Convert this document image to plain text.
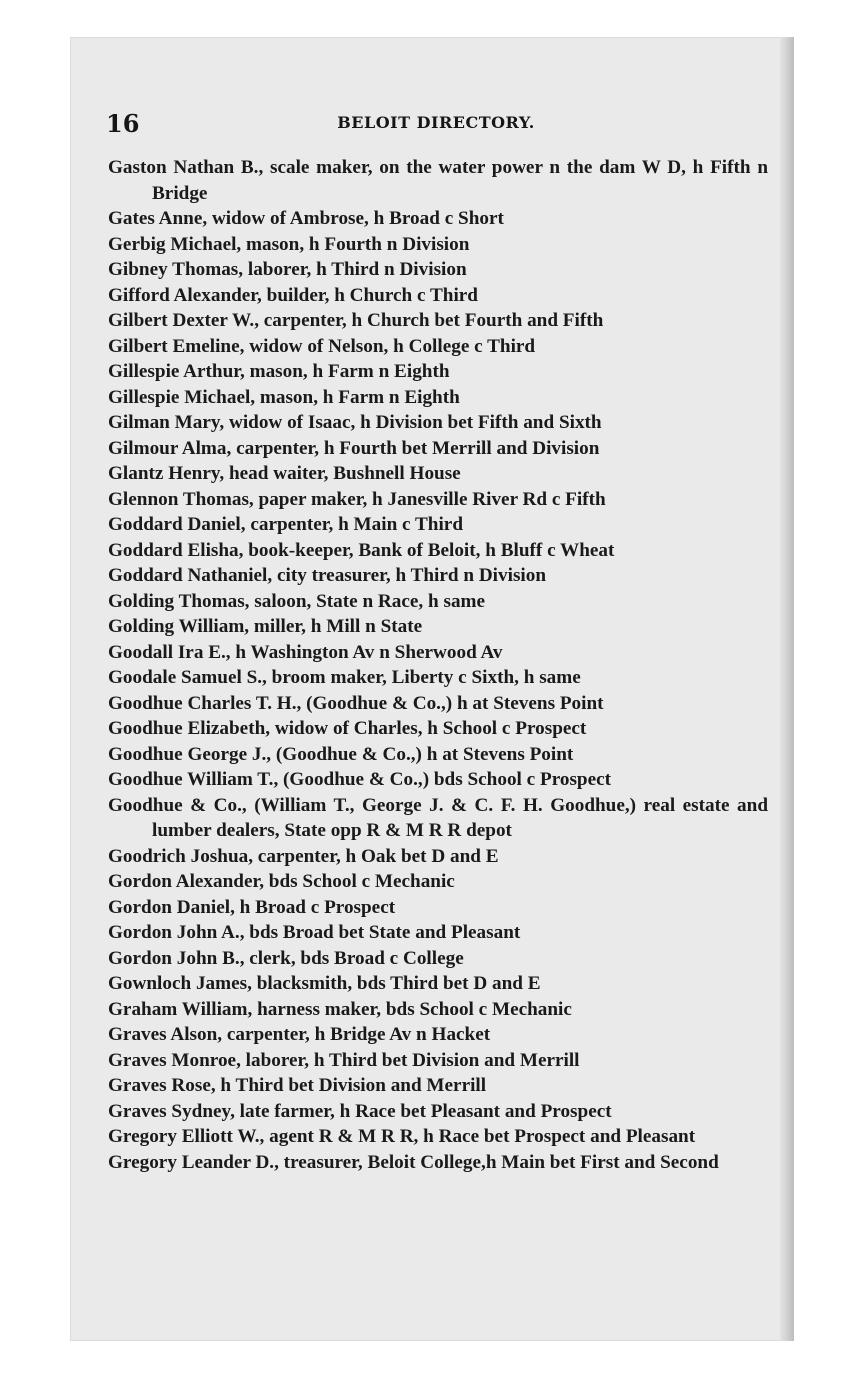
16	BELOIT DIRECTORY.
Gaston Nathan B., scale maker, on the water power n the dam W D, h Fifth n Bridge
Gates Anne, widow of Ambrose, h Broad c Short
Gerbig Michael, mason, h Fourth n Division
Gibney Thomas, laborer, h Third n Division
Gifford Alexander, builder, h Church c Third
Gilbert Dexter W., carpenter, h Church bet Fourth and Fifth
Gilbert Emeline, widow of Nelson, h College c Third
Gillespie Arthur, mason, h Farm n Eighth
Gillespie Michael, mason, h Farm n Eighth
Gilman Mary, widow of Isaac, h Division bet Fifth and Sixth
Gilmour Alma, carpenter, h Fourth bet Merrill and Division
Glantz Henry, head waiter, Bushnell House
Glennon Thomas, paper maker, h Janesville River Rd c Fifth
Goddard Daniel, carpenter, h Main c Third
Goddard Elisha, book-keeper, Bank of Beloit, h Bluff c Wheat
Goddard Nathaniel, city treasurer, h Third n Division
Golding Thomas, saloon, State n Race, h same
Golding William, miller, h Mill n State
Goodall Ira E., h Washington Av n Sherwood Av
Goodale Samuel S., broom maker, Liberty c Sixth, h same
Goodhue Charles T. H., (Goodhue & Co.,) h at Stevens Point
Goodhue Elizabeth, widow of Charles, h School c Prospect
Goodhue George J., (Goodhue & Co.,) h at Stevens Point
Goodhue William T., (Goodhue & Co.,) bds School c Prospect
Goodhue & Co., (William T., George J. & C. F. H. Goodhue,) real estate and lumber dealers, State opp R & M R R depot
Goodrich Joshua, carpenter, h Oak bet D and E
Gordon Alexander, bds School c Mechanic
Gordon Daniel, h Broad c Prospect
Gordon John A., bds Broad bet State and Pleasant
Gordon John B., clerk, bds Broad c College
Gownloch James, blacksmith, bds Third bet D and E
Graham William, harness maker, bds School c Mechanic
Graves Alson, carpenter, h Bridge Av n Hacket
Graves Monroe, laborer, h Third bet Division and Merrill
Graves Rose, h Third bet Division and Merrill
Graves Sydney, late farmer, h Race bet Pleasant and Prospect
Gregory Elliott W., agent R & M R R, h Race bet Prospect and Pleasant
Gregory Leander D., treasurer, Beloit College,h Main bet First and Second
